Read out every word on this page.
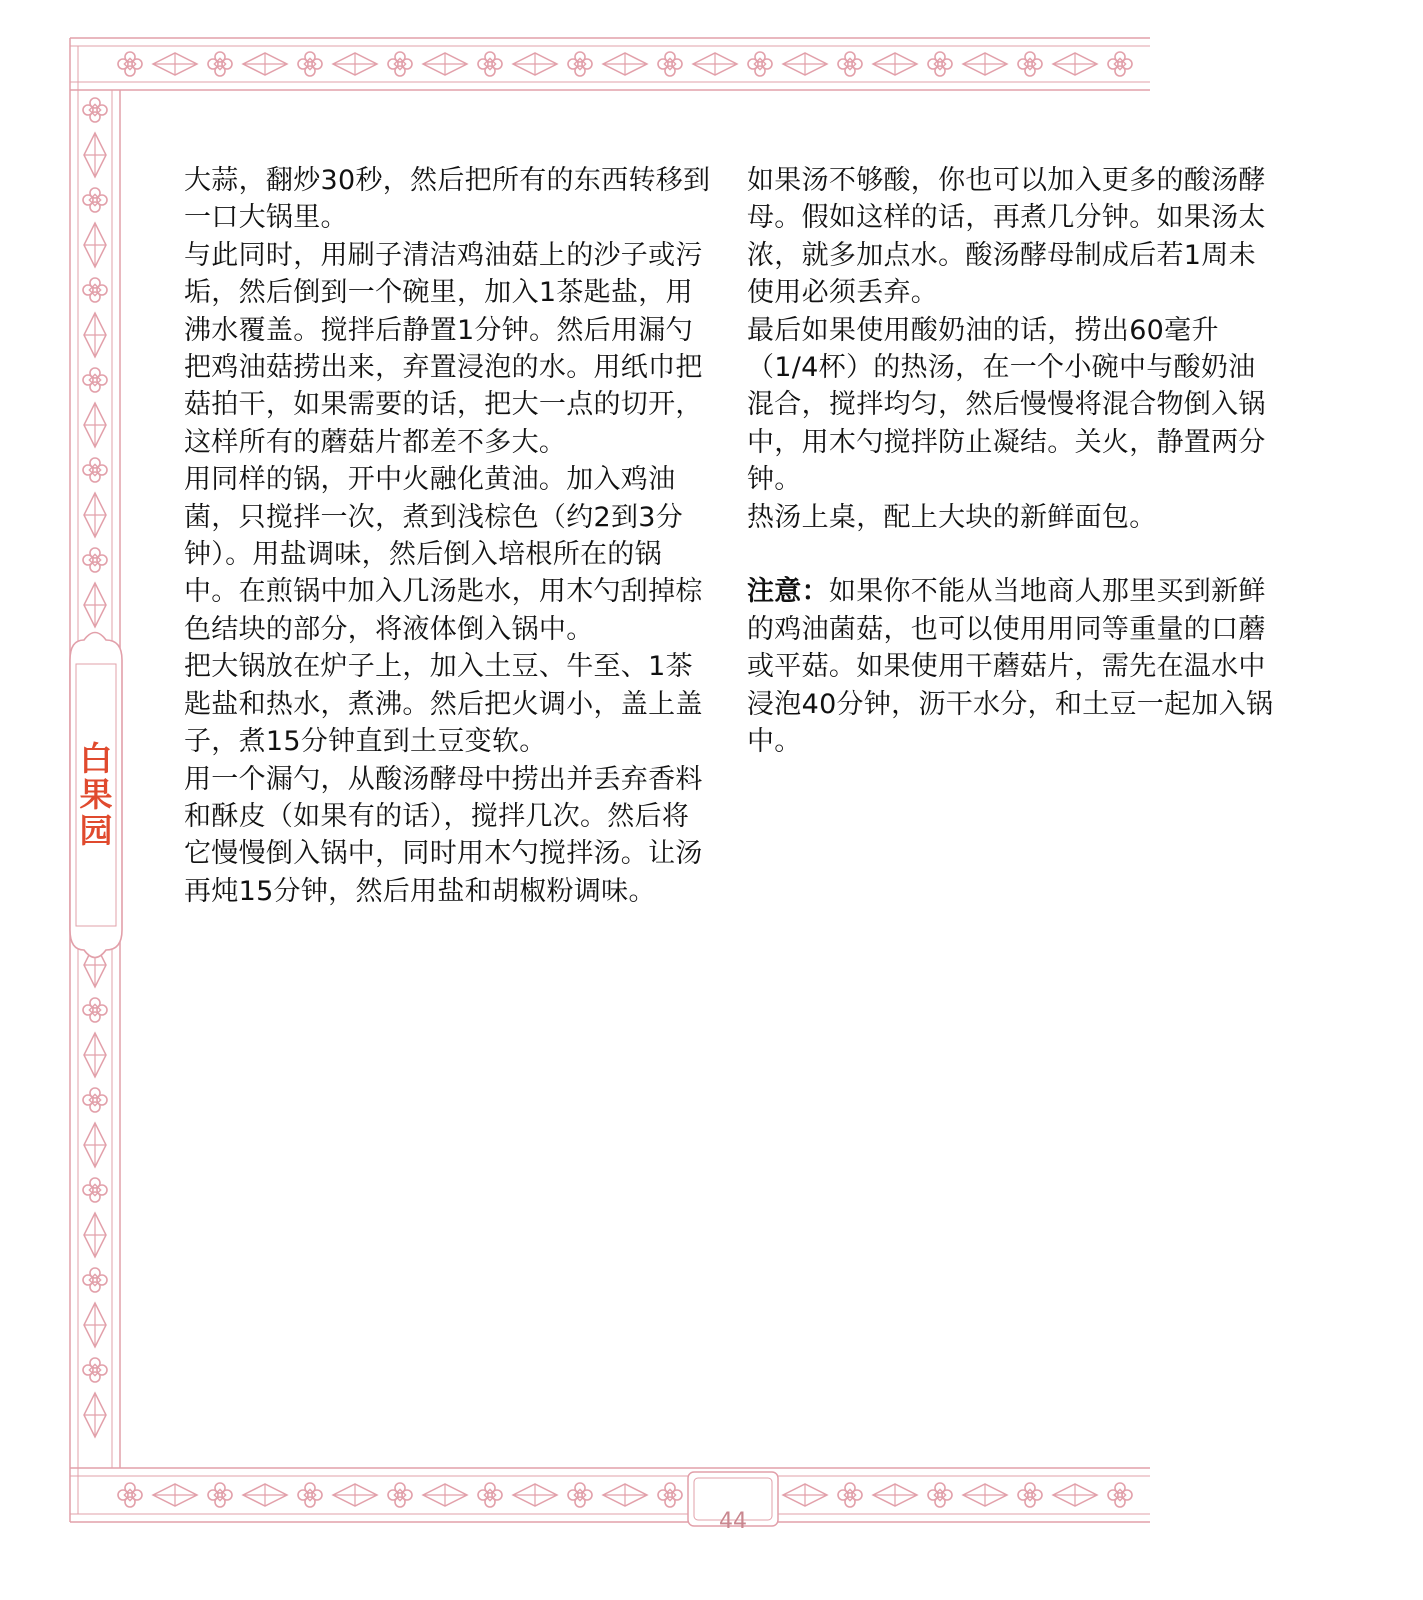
白果园

大蒜，翻炒30秒，然后把所有的东西转移到一口大锅里。

与此同时，用刷子清洁鸡油菇上的沙子或污垢，然后倒到一个碗里，加入1茶匙盐，用沸水覆盖。搅拌后静置1分钟。然后用漏勺把鸡油菇捞出来，弃置浸泡的水。用纸巾把菇拍干，如果需要的话，把大一点的切开，这样所有的蘑菇片都差不多大。

用同样的锅，开中火融化黄油。加入鸡油菌，只搅拌一次，煮到浅棕色（约2到3分钟）。用盐调味，然后倒入培根所在的锅中。在煎锅中加入几汤匙水，用木勺刮掉棕色结块的部分，将液体倒入锅中。

把大锅放在炉子上，加入土豆、牛至、1茶匙盐和热水，煮沸。然后把火调小，盖上盖子，煮15分钟直到土豆变软。

用一个漏勺，从酸汤酵母中捞出并丢弃香料和酥皮（如果有的话），搅拌几次。然后将它慢慢倒入锅中，同时用木勺搅拌汤。让汤再炖15分钟，然后用盐和胡椒粉调味。

如果汤不够酸，你也可以加入更多的酸汤酵母。假如这样的话，再煮几分钟。如果汤太浓，就多加点水。酸汤酵母制成后若1周未使用必须丢弃。

最后如果使用酸奶油的话，捞出60毫升（1/4杯）的热汤，在一个小碗中与酸奶油混合，搅拌均匀，然后慢慢将混合物倒入锅中，用木勺搅拌防止凝结。关火，静置两分钟。

热汤上桌，配上大块的新鲜面包。

注意：如果你不能从当地商人那里买到新鲜的鸡油菌菇，也可以使用用同等重量的口蘑或平菇。如果使用干蘑菇片，需先在温水中浸泡40分钟，沥干水分，和土豆一起加入锅中。

44
